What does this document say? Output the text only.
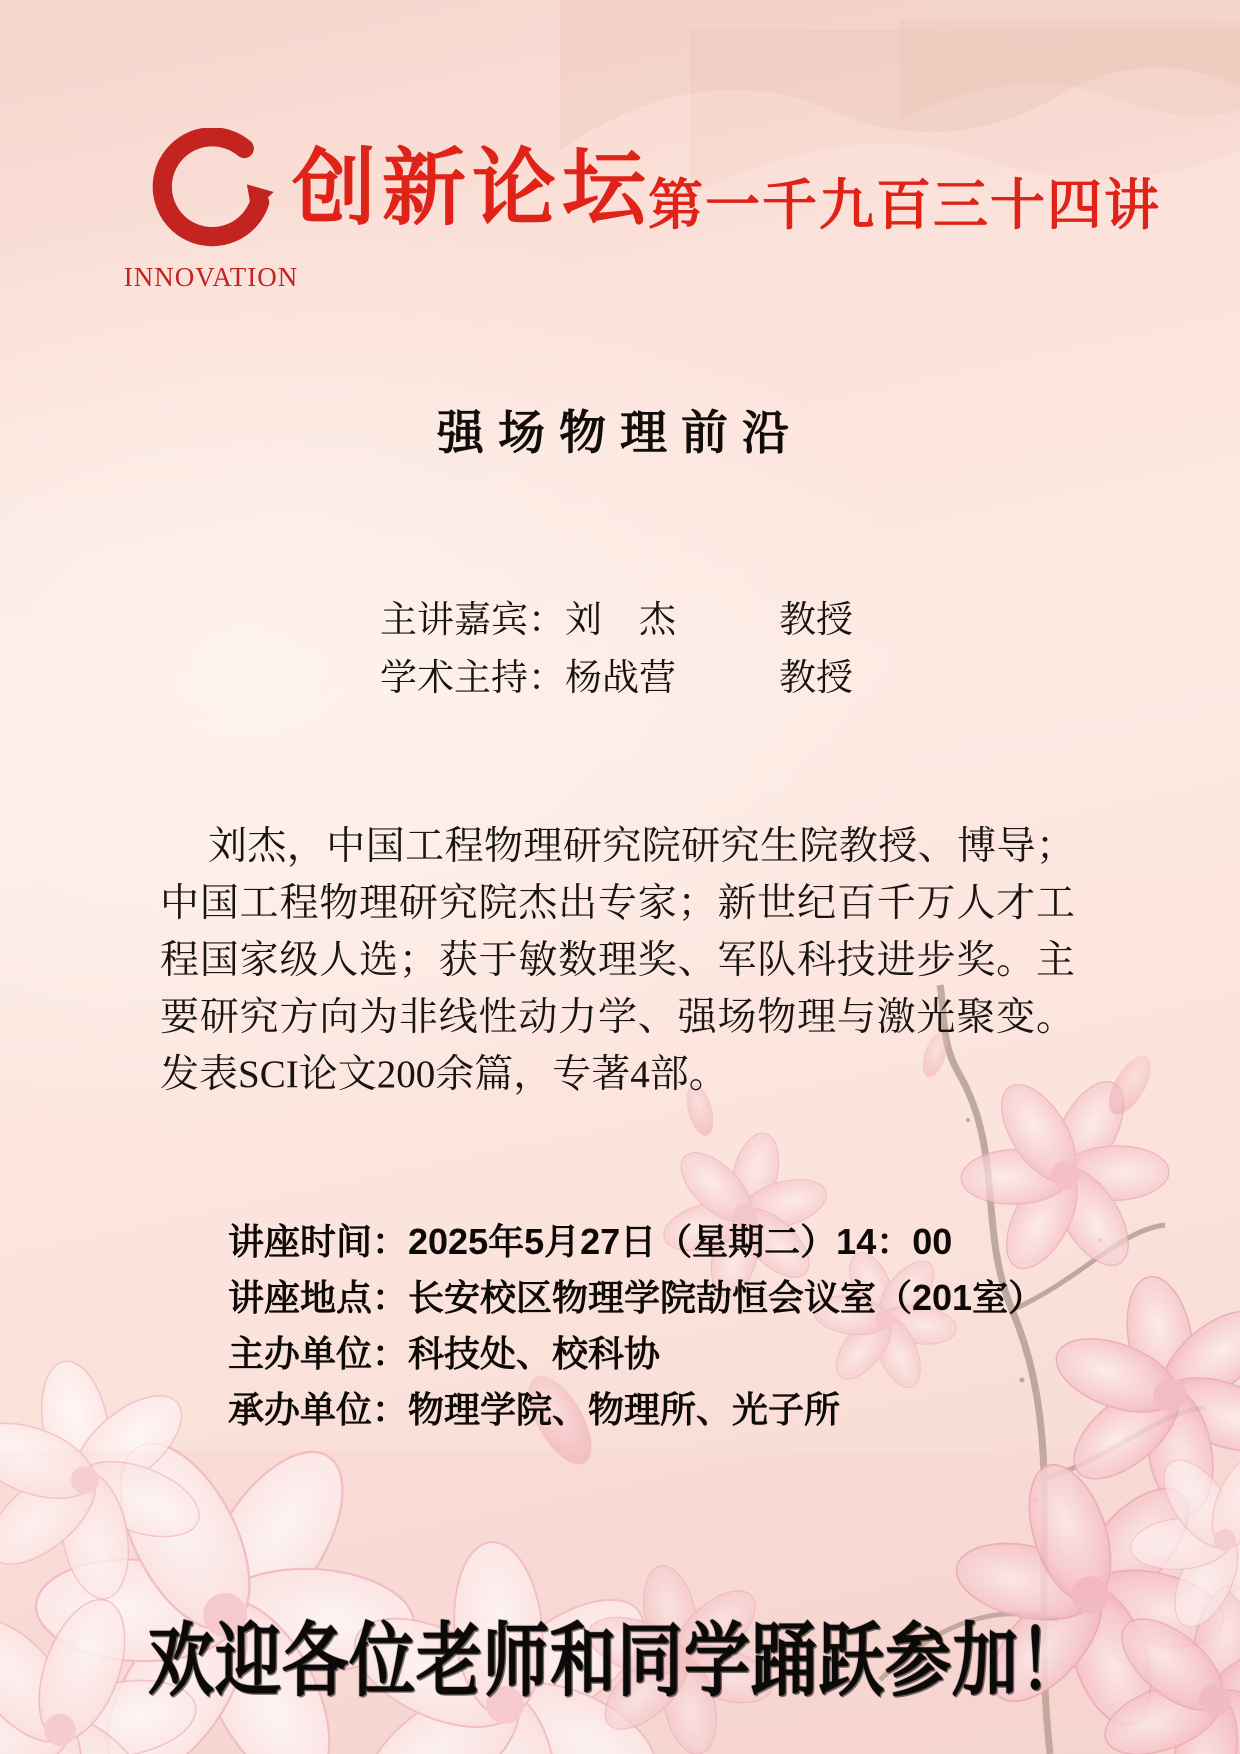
INNOVATION
创新论坛
第一千九百三十四讲
强场物理前沿
主讲嘉宾：刘　杰	教授
学术主持：杨战营	教授

刘杰，中国工程物理研究院研究生院教授、博导；中国工程物理研究院杰出专家；新世纪百千万人才工程国家级人选；获于敏数理奖、军队科技进步奖。主要研究方向为非线性动力学、强场物理与激光聚变。发表SCI论文200余篇，专著4部。

讲座时间：2025年5月27日（星期二）14：00
讲座地点：长安校区物理学院劼恒会议室（201室）
主办单位：科技处、校科协
承办单位：物理学院、物理所、光子所
欢迎各位老师和同学踊跃参加！
